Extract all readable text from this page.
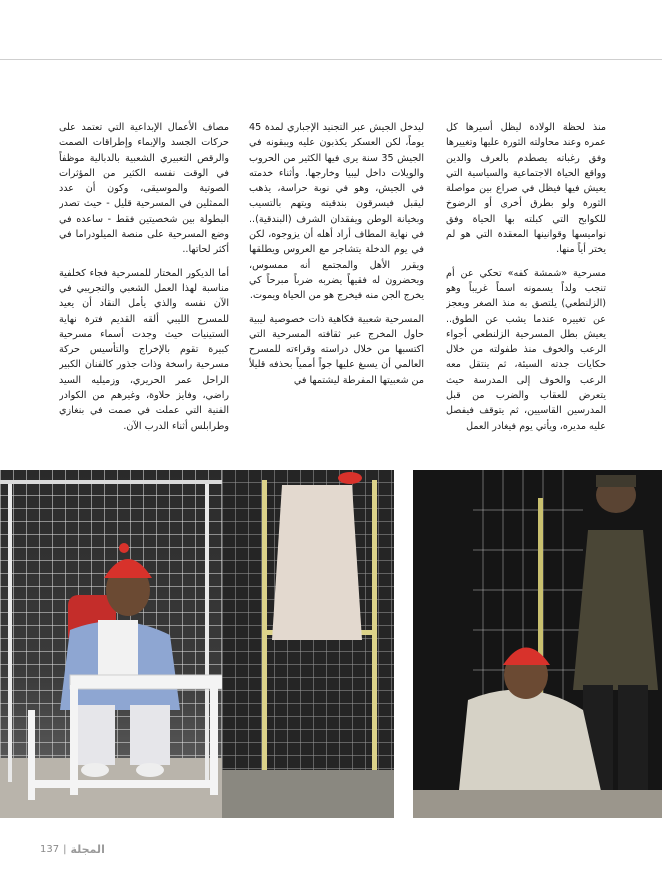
منذ لحظة الولادة ليظل أسيرها كل عمره وعند محاولته الثورة عليها وتغييرها وفق رغباته يصطدم بالعرف والدين وواقع الحياة الاجتماعية والسياسية التي يعيش فيها فيظل في صراع بين مواصلة الثورة ولو بطرق أخرى أو الرضوخ للكوابح التي كبلته بها الحياة وفق نواميسها وقوانينها المعقدة التي هو لم يختر أياً منها.

مسرحية «شمشة كفه» تحكي عن أم تنجب ولداً يسمونه اسماً غريباً وهو (الزلنطعي) يلتصق به منذ الصغر ويعجز عن تغييره عندما يشب عن الطوق.. يعيش بطل المسرحية الزلنطعي أجواء الرعب والخوف منذ طفولته من خلال حكايات جدته السيئة، ثم ينتقل معه الرعب والخوف إلى المدرسة حيث يتعرض للعقاب والضرب من قبل المدرسين القاسيين، ثم يتوقف فيفصل عليه مديره، ويأتي يوم فيغادر العمل

ليدخل الجيش عبر التجنيد الإجباري لمدة 45 يوماً، لكن العسكر يكذبون عليه ويبقونه في الجيش 35 سنة يرى فيها الكثير من الحروب والويلات داخل ليبيا وخارجها. وأثناء خدمته في الجيش، وهو في نوبة حراسة، يذهب ليقبل فيسرقون بندقيته ويتهم بالتسيب وبخيانة الوطن ويفقدان الشرف (البندقية).. في نهاية المطاف أراد أهله أن يزوجوه، لكن في يوم الدخلة يتشاجر مع العروس ويطلقها ويقرر الأهل والمجتمع أنه ممسوس، ويحضرون له فقيهاً يضربه ضرباً مبرحاً كي يخرج الجن منه فيخرج هو من الحياة ويموت.

المسرحية شعبية فكاهية ذات خصوصية ليبية حاول المخرج عبر ثقافته المسرحية التي اكتسبها من خلال دراسته وقراءته للمسرح العالمي أن يسبغ عليها جواً أممياً بحذفه قليلاً من شعبيتها المفرطة ليشتمها في

مصاف الأعمال الإبداعية التي تعتمد على حركات الجسد والإيماء وإطراقات الصمت والرقص التعبيري الشعبية بالدبالية موظفاً في الوقت نفسه الكثير من المؤثرات الصوتية والموسيقى، وكون أن عدد الممثلين في المسرحية قليل - حيث تصدر البطولة بين شخصيتين فقط - ساعده في وضع المسرحية على منصة الميلودراما في أكثر لحاتها..

أما الديكور المختار للمسرحية فجاء كخلفية مناسبة لهذا العمل الشعبي والتجريبي في الآن نفسه والذي يأمل النقاد أن يعيد للمسرح الليبي ألقه القديم فترة نهاية الستينيات حيث وجدت أسماء مسرحية كبيرة تقوم بالإخراج والتأسيس حركة مسرحية راسخة وذات جذور كالفنان الكبير الراحل عمر الحريري، وزميليه السيد راضي، وفايز حلاوة، وغيرهم من الكوادر الفنية التي عملت في صمت في بنغازي وطرابلس أثناء الدرب الآن.

137 | المجلة
